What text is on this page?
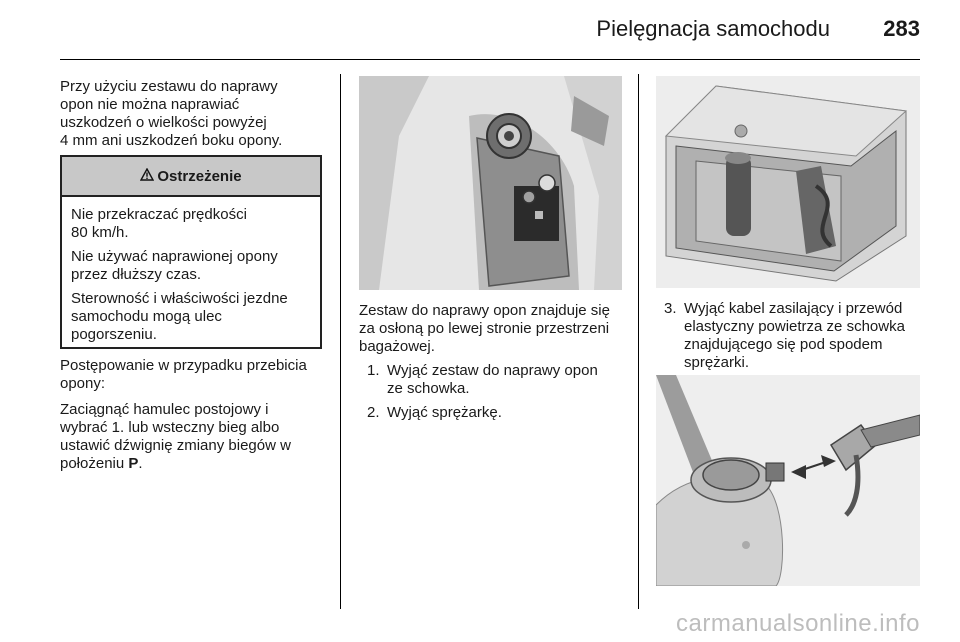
Pielęgnacja samochodu 283

Przy użyciu zestawu do naprawy

opon nie można naprawiać

uszkodzeń o wielkości powyżej

4 mm ani uszkodzeń boku opony.

Ostrzeżenie

Nie przekraczać prędkości
80 km/h.

Nie używać naprawionej opony
przez dłuższy czas.

Sterowność i właściwości jezdne
samochodu mogą ulec
pogorszeniu.

Postępowanie w przypadku przebicia

opony:

Zaciągnąć hamulec postojowy i

wybrać 1. lub wsteczny bieg albo

ustawić dźwignię zmiany biegów w

położeniu P.

Zestaw do naprawy opon znajduje się

za osłoną po lewej stronie przestrzeni

bagażowej.

1. Wyjąć zestaw do naprawy opon
ze schowka.
2. Wyjąć sprężarkę.
3. Wyjąć kabel zasilający i przewód
elastyczny powietrza ze schowka
znajdującego się pod spodem
sprężarki.
carmanualsonline.info
